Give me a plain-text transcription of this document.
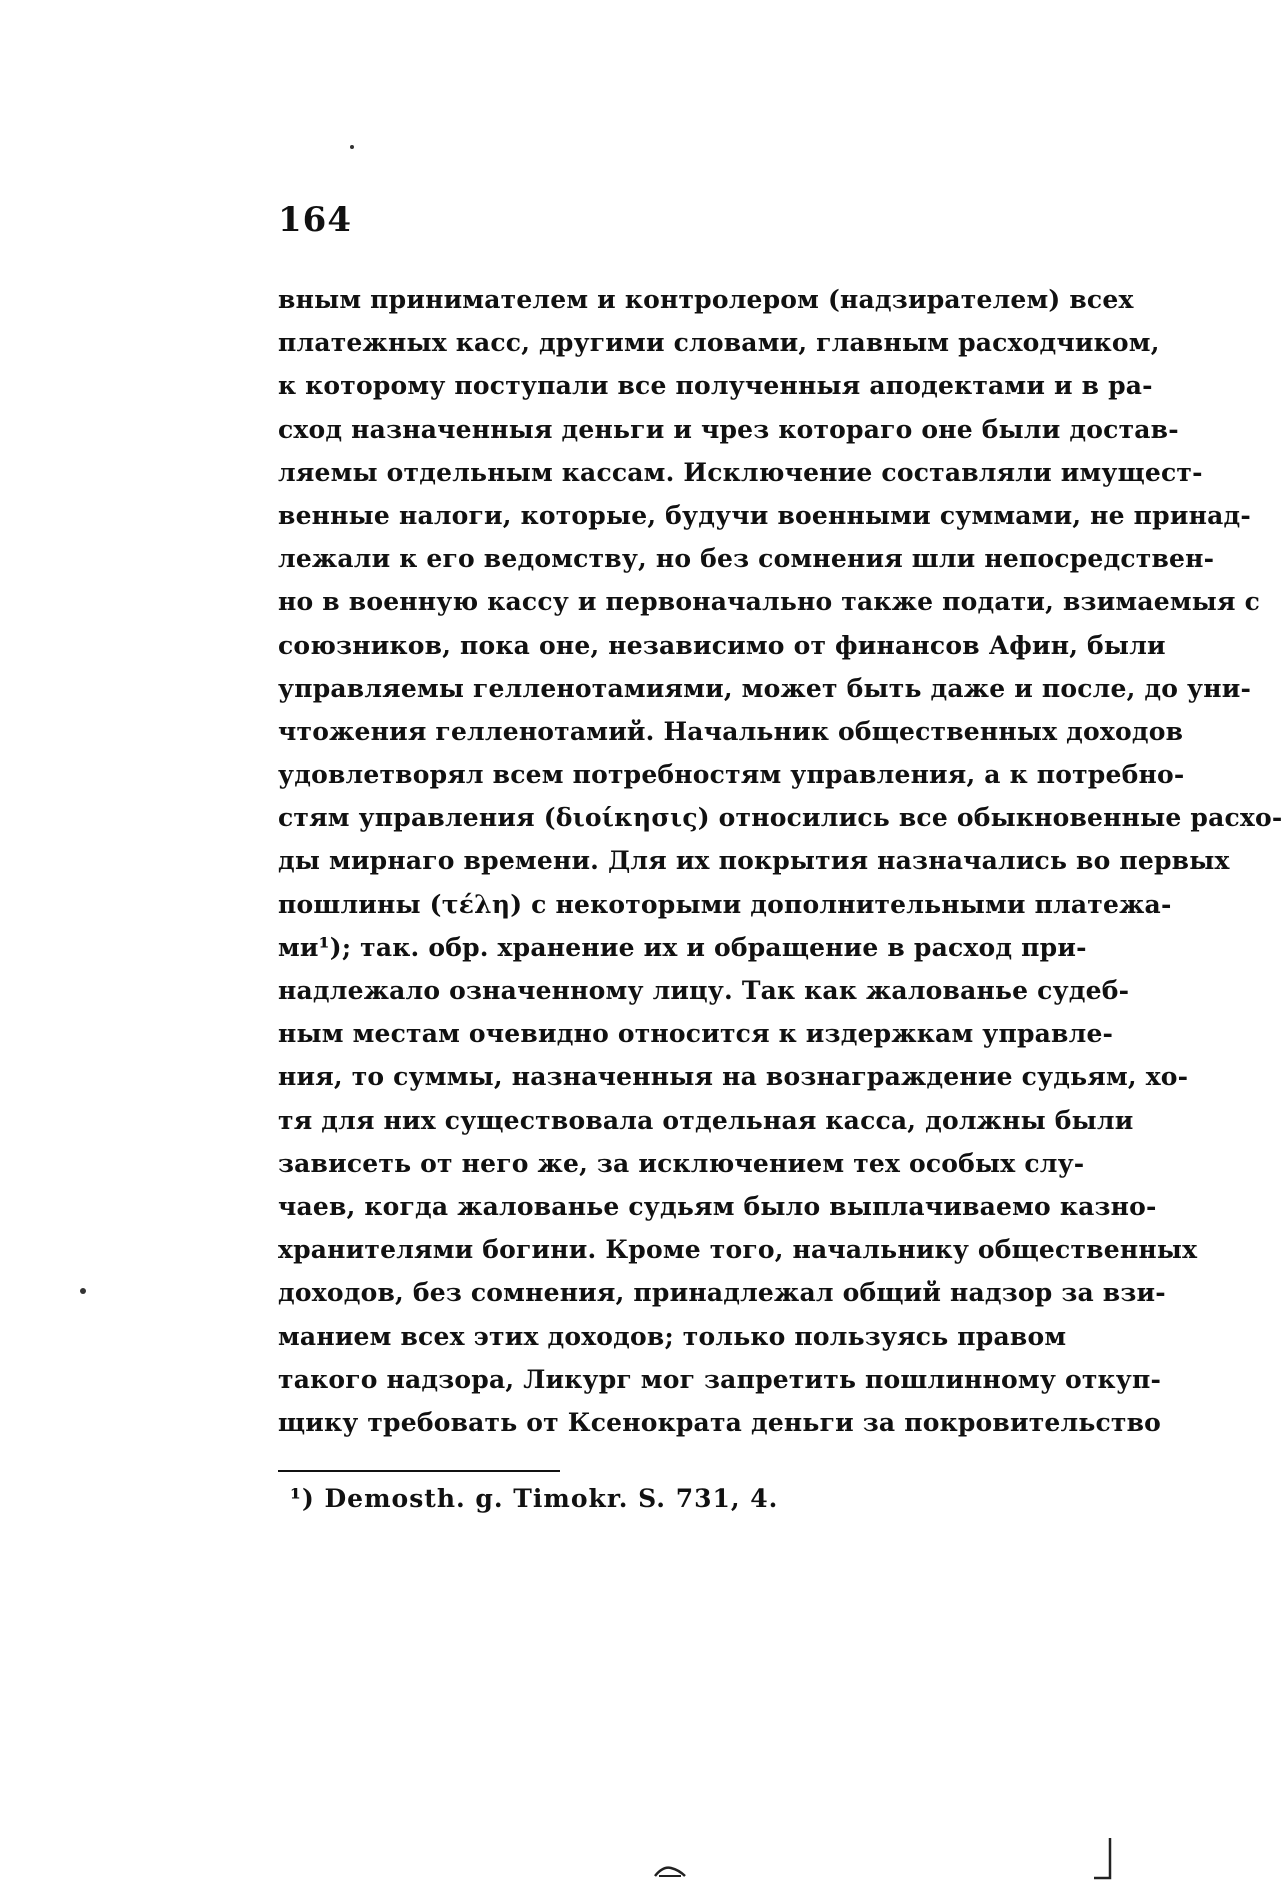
164
вным принимателем и контролером (надзирателем) всех
платежных касс, другими словами, главным расходчиком,
к которому поступали все полученныя аподектами и в ра-
сход назначенныя деньги и чрез котораго оне были достав-
ляемы отдельным кассам. Исключение составляли имущест-
венные налоги, которые, будучи военными суммами, не принад-
лежали к его ведомству, но без сомнения шли непосредствен-
но в военную кассу и первоначально также подати, взимаемыя с
союзников, пока оне, независимо от финансов Афин, были
управляемы гелленотамиями, может быть даже и после, до уни-
чтожения гелленотамий. Начальник общественных доходов
удовлетворял всем потребностям управления, а к потребно-
стям управления (διοίκησις) относились все обыкновенные расхо-
ды мирнаго времени. Для их покрытия назначались во первых
пошлины (τέλη) с некоторыми дополнительными платежа-
ми¹); так. обр. хранение их и обращение в расход при-
надлежало означенному лицу. Так как жалованье судеб-
ным местам очевидно относится к издержкам управле-
ния, то суммы, назначенныя на вознаграждение судьям, хо-
тя для них существовала отдельная касса, должны были
зависеть от него же, за исключением тех особых слу-
чаев, когда жалованье судьям было выплачиваемо казно-
хранителями богини. Кроме того, начальнику общественных
доходов, без сомнения, принадлежал общий надзор за взи-
манием всех этих доходов; только пользуясь правом
такого надзора, Ликург мог запретить пошлинному откуп-
щику требовать от Ксенократа деньги за покровительство
¹) Demosth. g. Timokr. S. 731, 4.
